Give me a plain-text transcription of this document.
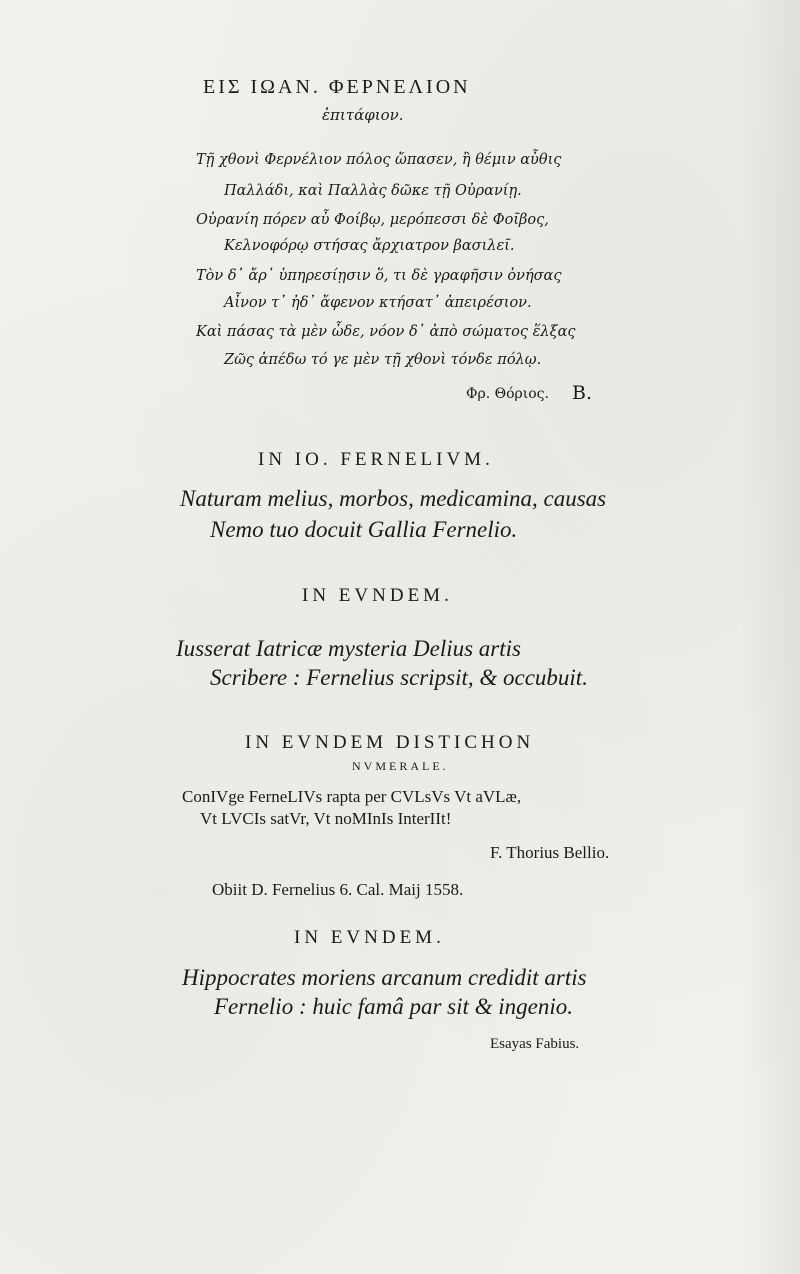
ΕΙΣ ΙΩΑΝ. ΦΕΡΝΕΛΙΟΝ

ἐπιτάφιον.

Τῇ χθονὶ Φερνέλιον πόλος ὤπασεν, ἢ θέμιν αὖθις

Παλλάδι, καὶ Παλλὰς δῶκε τῇ Οὐρανίῃ.

Οὐρανίη πόρεν αὖ Φοίβῳ, μερόπεσσι δὲ Φοῖβος,

Κελνοφόρῳ στήσας ἄρχιατρον βασιλεῖ.

Τὸν δ᾽ ἄρ᾽ ὑπηρεσίῃσιν ὅ, τι δὲ γραφῆσιν ὀνήσας

Αἶνον τ᾽ ἠδ᾽ ἄφενον κτήσατ᾽ ἀπειρέσιον.

Καὶ πάσας τὰ μὲν ὧδε, νόον δ᾽ ἀπὸ σώματος ἕλξας

Ζῶς ἀπέδω τό γε μὲν τῇ χθονὶ τόνδε πόλῳ.

Φρ. Θόριος. B.

IN IO. FERNELIVM.

Naturam melius, morbos, medicamina, causas

Nemo tuo docuit Gallia Fernelio.

IN EVNDEM.

Iusserat Iatricæ mysteria Delius artis

Scribere : Fernelius scripsit, & occubuit.

IN EVNDEM DISTICHON

NVMERALE.

ConIVge FerneLIVs rapta per CVLsVs Vt aVLæ,

Vt LVCIs satVr, Vt noMInIs InterIIt!

F. Thorius Bellio.

Obiit D. Fernelius 6. Cal. Maij 1558.

IN EVNDEM.

Hippocrates moriens arcanum credidit artis

Fernelio : huic famâ par sit & ingenio.

Esayas Fabius.
